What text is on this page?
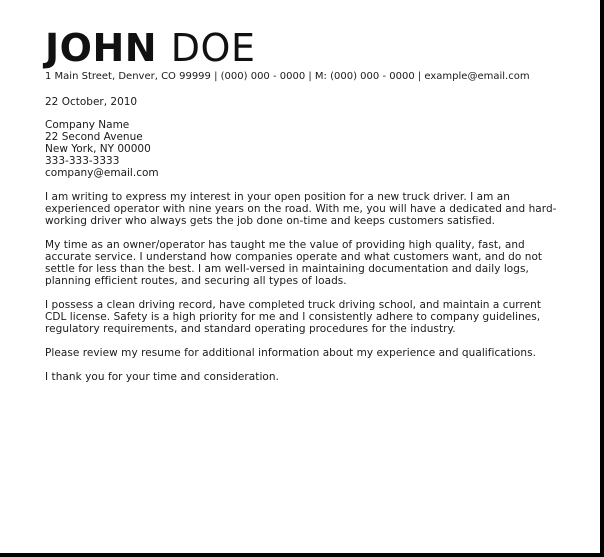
JOHN DOE
1 Main Street, Denver, CO 99999 | (000) 000 - 0000 | M: (000) 000 - 0000 | example@email.com
22 October, 2010
Company Name
22 Second Avenue
New York, NY 00000
333-333-3333
company@email.com

I am writing to express my interest in your open position for a new truck driver. I am an experienced operator with nine years on the road. With me, you will have a dedicated and hard-working driver who always gets the job done on-time and keeps customers satisfied.

My time as an owner/operator has taught me the value of providing high quality, fast, and accurate service. I understand how companies operate and what customers want, and do not settle for less than the best. I am well-versed in maintaining documentation and daily logs, planning efficient routes, and securing all types of loads.

I possess a clean driving record, have completed truck driving school, and maintain a current CDL license. Safety is a high priority for me and I consistently adhere to company guidelines, regulatory requirements, and standard operating procedures for the industry.

Please review my resume for additional information about my experience and qualifications.

I thank you for your time and consideration.
